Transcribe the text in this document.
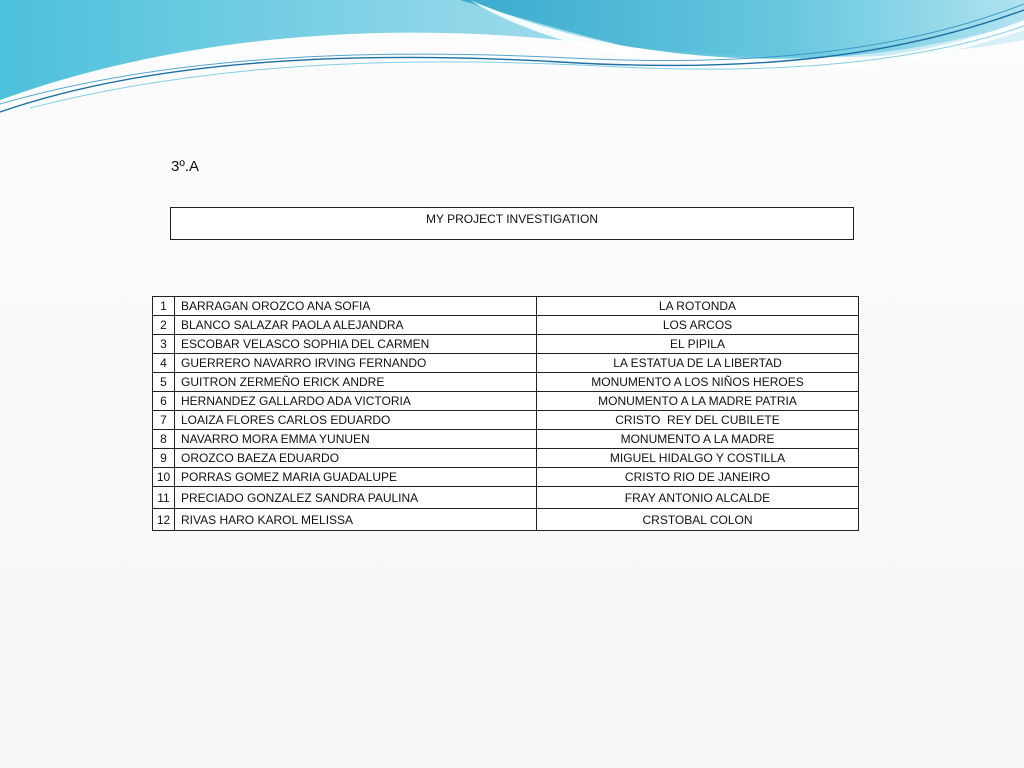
3º.A
MY PROJECT INVESTIGATION
1	BARRAGAN OROZCO ANA SOFIA	LA ROTONDA
2	BLANCO SALAZAR PAOLA ALEJANDRA	LOS ARCOS
3	ESCOBAR VELASCO SOPHIA DEL CARMEN	EL PIPILA
4	GUERRERO NAVARRO IRVING FERNANDO	LA ESTATUA DE LA LIBERTAD
5	GUITRON ZERMEÑO ERICK ANDRE	MONUMENTO A LOS NIÑOS HEROES
6	HERNANDEZ GALLARDO ADA VICTORIA	MONUMENTO A LA MADRE PATRIA
7	LOAIZA FLORES CARLOS EDUARDO	CRISTO  REY DEL CUBILETE
8	NAVARRO MORA EMMA YUNUEN	MONUMENTO A LA MADRE
9	OROZCO BAEZA EDUARDO	MIGUEL HIDALGO Y COSTILLA
10	PORRAS GOMEZ MARIA GUADALUPE	CRISTO RIO DE JANEIRO
11	PRECIADO GONZALEZ SANDRA PAULINA	FRAY ANTONIO ALCALDE
12	RIVAS HARO KAROL MELISSA	CRSTOBAL COLON
